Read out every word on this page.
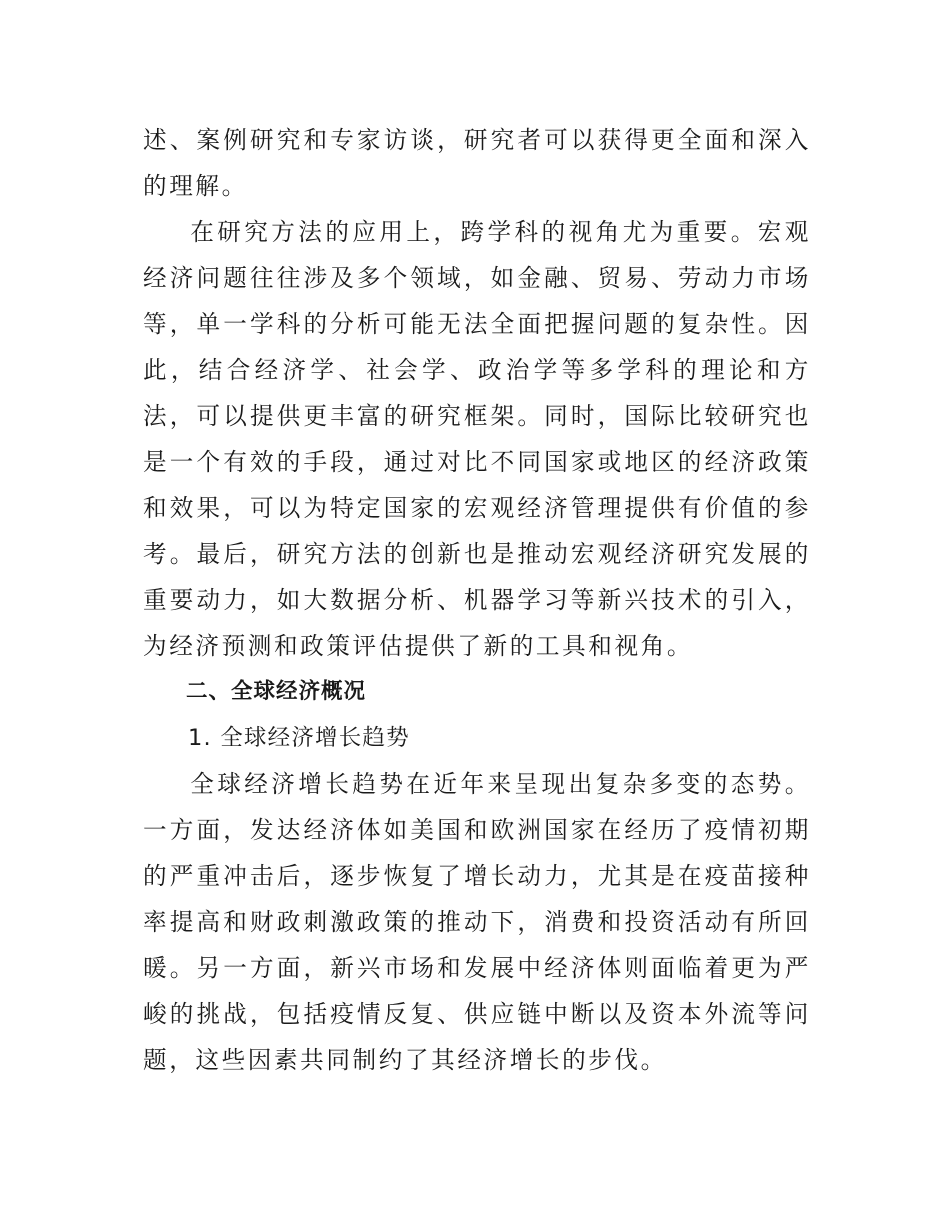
述、案例研究和专家访谈，研究者可以获得更全面和深入的理解。

在研究方法的应用上，跨学科的视角尤为重要。宏观经济问题往往涉及多个领域，如金融、贸易、劳动力市场等，单一学科的分析可能无法全面把握问题的复杂性。因此，结合经济学、社会学、政治学等多学科的理论和方法，可以提供更丰富的研究框架。同时，国际比较研究也是一个有效的手段，通过对比不同国家或地区的经济政策和效果，可以为特定国家的宏观经济管理提供有价值的参考。最后，研究方法的创新也是推动宏观经济研究发展的重要动力，如大数据分析、机器学习等新兴技术的引入，为经济预测和政策评估提供了新的工具和视角。

二、全球经济概况

1. 全球经济增长趋势

全球经济增长趋势在近年来呈现出复杂多变的态势。一方面，发达经济体如美国和欧洲国家在经历了疫情初期的严重冲击后，逐步恢复了增长动力，尤其是在疫苗接种率提高和财政刺激政策的推动下，消费和投资活动有所回暖。另一方面，新兴市场和发展中经济体则面临着更为严峻的挑战，包括疫情反复、供应链中断以及资本外流等问题，这些因素共同制约了其经济增长的步伐。
